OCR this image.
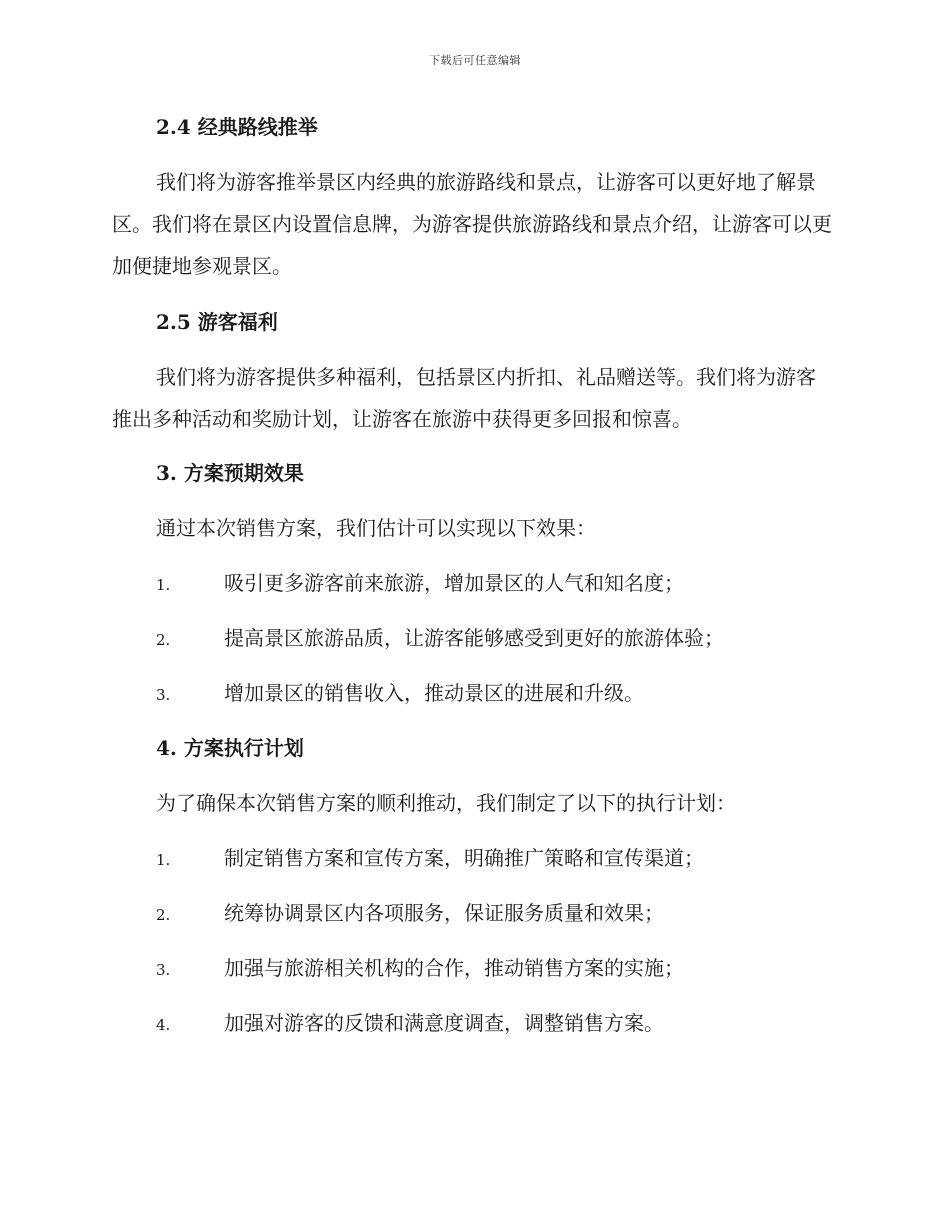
下载后可任意编辑
2.4 经典路线推举
我们将为游客推举景区内经典的旅游路线和景点，让游客可以更好地了解景区。我们将在景区内设置信息牌，为游客提供旅游路线和景点介绍，让游客可以更加便捷地参观景区。
2.5 游客福利
我们将为游客提供多种福利，包括景区内折扣、礼品赠送等。我们将为游客推出多种活动和奖励计划，让游客在旅游中获得更多回报和惊喜。
3. 方案预期效果
通过本次销售方案，我们估计可以实现以下效果：
1.	吸引更多游客前来旅游，增加景区的人气和知名度；
2.	提高景区旅游品质，让游客能够感受到更好的旅游体验；
3.	增加景区的销售收入，推动景区的进展和升级。
4. 方案执行计划
为了确保本次销售方案的顺利推动，我们制定了以下的执行计划：
1.	制定销售方案和宣传方案，明确推广策略和宣传渠道；
2.	统筹协调景区内各项服务，保证服务质量和效果；
3.	加强与旅游相关机构的合作，推动销售方案的实施；
4.	加强对游客的反馈和满意度调查，调整销售方案。
